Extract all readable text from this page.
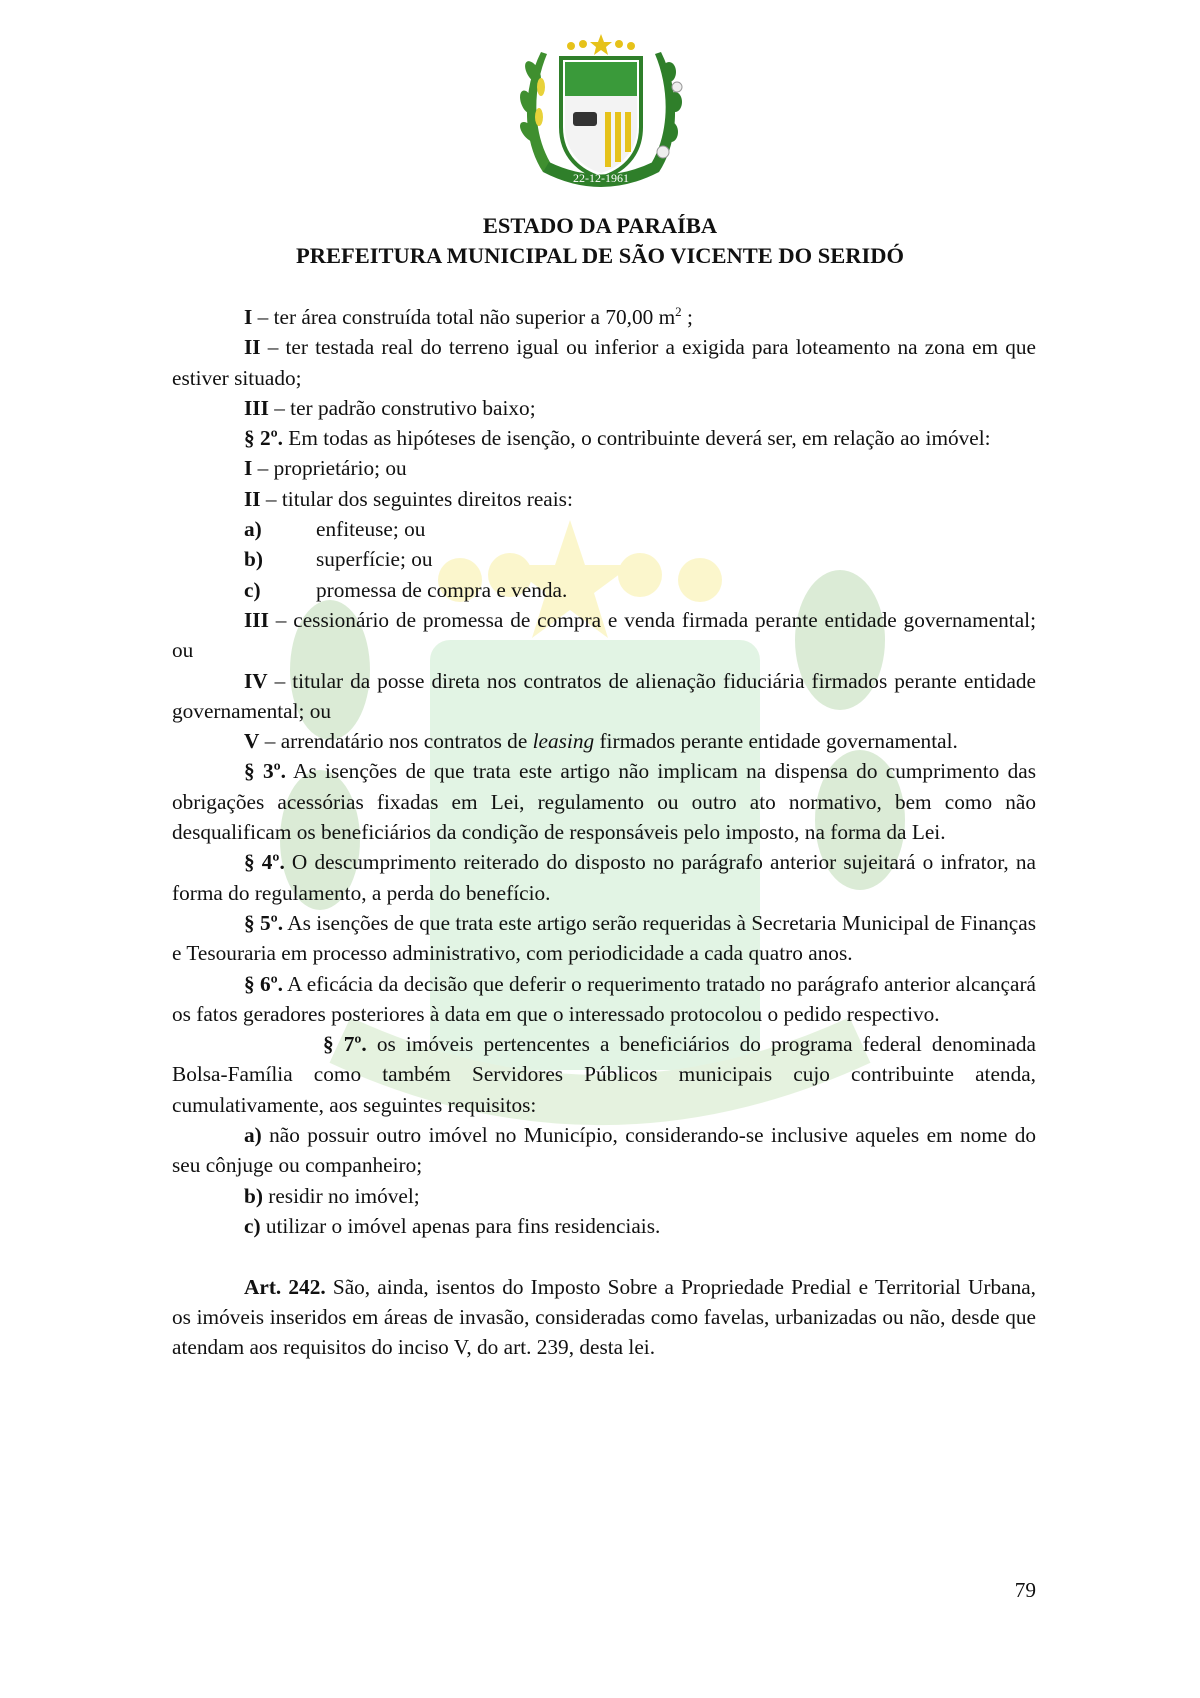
22-12-1961
ESTADO DA PARAÍBA
PREFEITURA MUNICIPAL DE SÃO VICENTE DO SERIDÓ

I – ter área construída total não superior a 70,00 $m^2$ ;

II – ter testada real do terreno igual ou inferior a exigida para loteamento na zona em que estiver situado;

III – ter padrão construtivo baixo;

§ 2º. Em todas as hipóteses de isenção, o contribuinte deverá ser, em relação ao imóvel:

I – proprietário; ou

II – titular dos seguintes direitos reais:

a)	enfiteuse; ou

b) superfície; ou

c)	promessa de compra e venda.

III – cessionário de promessa de compra e venda firmada perante entidade governamental; ou

IV – titular da posse direta nos contratos de alienação fiduciária firmados perante entidade governamental; ou

V – arrendatário nos contratos de leasing firmados perante entidade governamental.

§ 3º. As isenções de que trata este artigo não implicam na dispensa do cumprimento das obrigações acessórias fixadas em Lei, regulamento ou outro ato normativo, bem como não desqualificam os beneficiários da condição de responsáveis pelo imposto, na forma da Lei.

§ 4º. O descumprimento reiterado do disposto no parágrafo anterior sujeitará o infrator, na forma do regulamento, a perda do benefício.

§ 5º. As isenções de que trata este artigo serão requeridas à Secretaria Municipal de Finanças e Tesouraria em processo administrativo, com periodicidade a cada quatro anos.

§ 6º. A eficácia da decisão que deferir o requerimento tratado no parágrafo anterior alcançará os fatos geradores posteriores à data em que o interessado protocolou o pedido respectivo.

§ 7º. os imóveis pertencentes a beneficiários do programa federal denominada Bolsa-Família como também Servidores Públicos municipais cujo contribuinte atenda, cumulativamente, aos seguintes requisitos:

a) não possuir outro imóvel no Município, considerando-se inclusive aqueles em nome do seu cônjuge ou companheiro;

b) residir no imóvel;

c) utilizar o imóvel apenas para fins residenciais.

Art. 242. São, ainda, isentos do Imposto Sobre a Propriedade Predial e Territorial Urbana, os imóveis inseridos em áreas de invasão, consideradas como favelas, urbanizadas ou não, desde que atendam aos requisitos do inciso V, do art. 239, desta lei.

79
